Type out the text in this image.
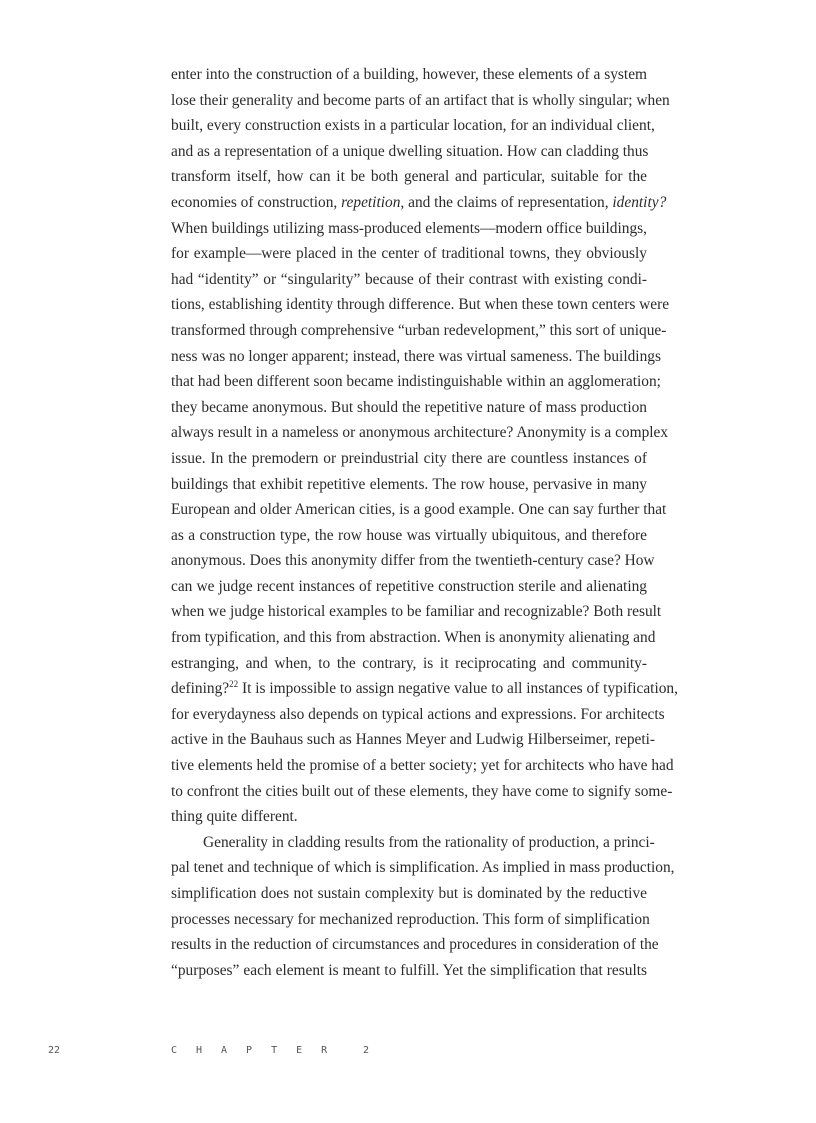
enter into the construction of a building, however, these elements of a system
lose their generality and become parts of an artifact that is wholly singular; when
built, every construction exists in a particular location, for an individual client,
and as a representation of a unique dwelling situation. How can cladding thus
transform itself, how can it be both general and particular, suitable for the
economies of construction, repetition, and the claims of representation, identity?
When buildings utilizing mass-produced elements—modern office buildings,
for example—were placed in the center of traditional towns, they obviously
had “identity” or “singularity” because of their contrast with existing condi-
tions, establishing identity through difference. But when these town centers were
transformed through comprehensive “urban redevelopment,” this sort of unique-
ness was no longer apparent; instead, there was virtual sameness. The buildings
that had been different soon became indistinguishable within an agglomeration;
they became anonymous. But should the repetitive nature of mass production
always result in a nameless or anonymous architecture? Anonymity is a complex
issue. In the premodern or preindustrial city there are countless instances of
buildings that exhibit repetitive elements. The row house, pervasive in many
European and older American cities, is a good example. One can say further that
as a construction type, the row house was virtually ubiquitous, and therefore
anonymous. Does this anonymity differ from the twentieth-century case? How
can we judge recent instances of repetitive construction sterile and alienating
when we judge historical examples to be familiar and recognizable? Both result
from typification, and this from abstraction. When is anonymity alienating and
estranging, and when, to the contrary, is it reciprocating and community-
defining?$^{22}$ It is impossible to assign negative value to all instances of typification,
for everydayness also depends on typical actions and expressions. For architects
active in the Bauhaus such as Hannes Meyer and Ludwig Hilberseimer, repeti-
tive elements held the promise of a better society; yet for architects who have had
to confront the cities built out of these elements, they have come to signify some-
thing quite different.
Generality in cladding results from the rationality of production, a princi-
pal tenet and technique of which is simplification. As implied in mass production,
simplification does not sustain complexity but is dominated by the reductive
processes necessary for mechanized reproduction. This form of simplification
results in the reduction of circumstances and procedures in consideration of the
“purposes” each element is meant to fulfill. Yet the simplification that results
22	CHAPTER 2
